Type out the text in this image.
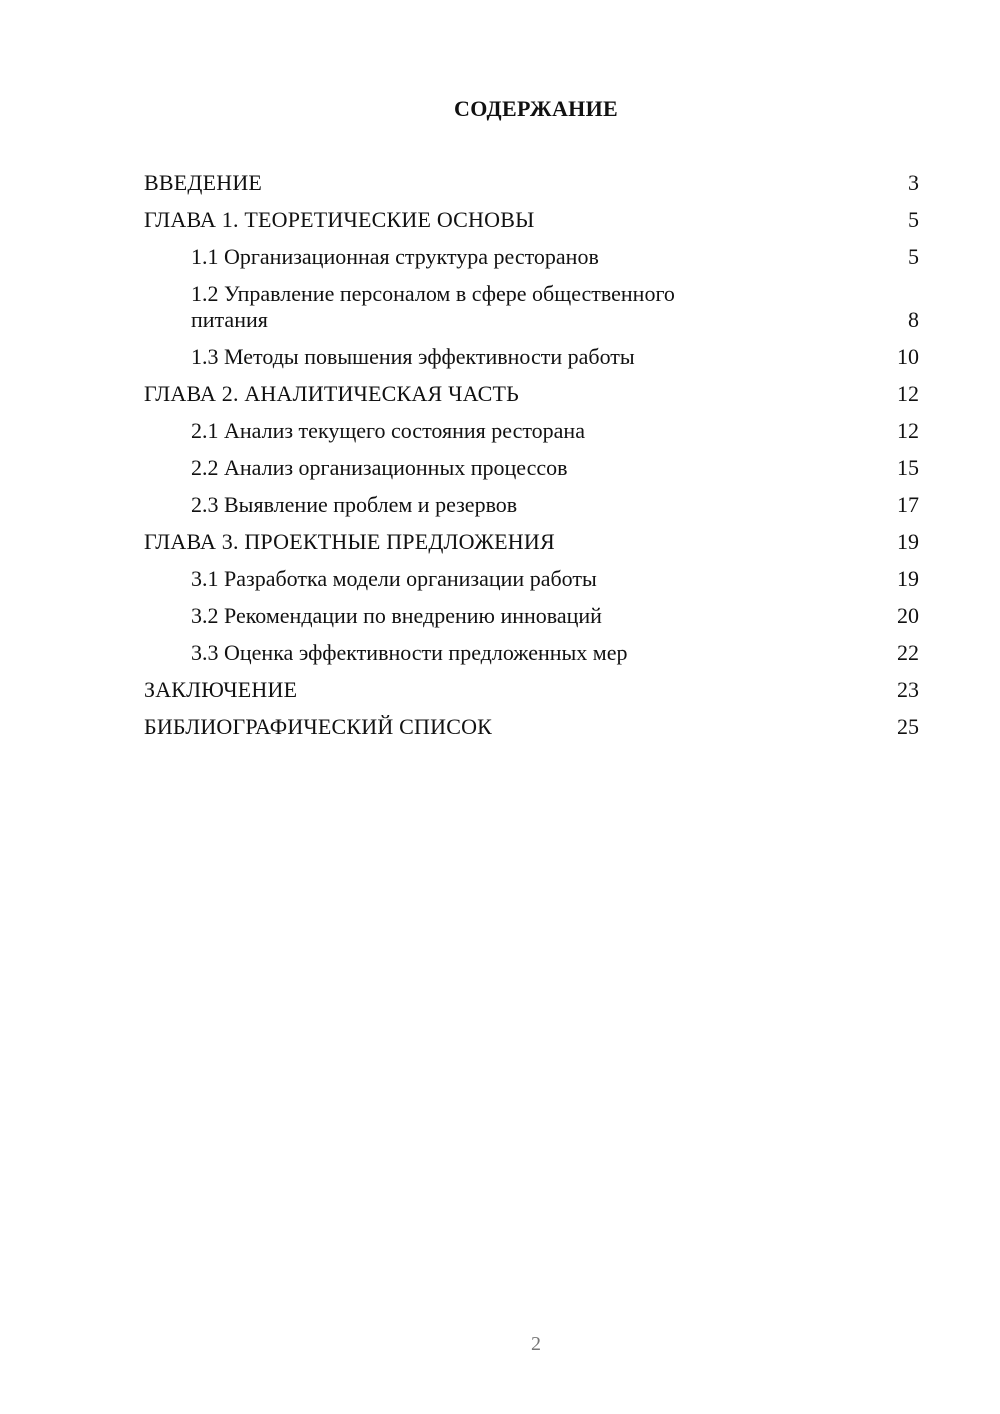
СОДЕРЖАНИЕ
ВВЕДЕНИЕ	3
ГЛАВА 1. ТЕОРЕТИЧЕСКИЕ ОСНОВЫ	5
1.1 Организационная структура ресторанов	5
1.2 Управление персоналом в сфере общественного питания	8
1.3 Методы повышения эффективности работы	10
ГЛАВА 2. АНАЛИТИЧЕСКАЯ ЧАСТЬ	12
2.1 Анализ текущего состояния ресторана	12
2.2 Анализ организационных процессов	15
2.3 Выявление проблем и резервов	17
ГЛАВА 3. ПРОЕКТНЫЕ ПРЕДЛОЖЕНИЯ	19
3.1 Разработка модели организации работы	19
3.2 Рекомендации по внедрению инноваций	20
3.3 Оценка эффективности предложенных мер	22
ЗАКЛЮЧЕНИЕ	23
БИБЛИОГРАФИЧЕСКИЙ СПИСОК	25
2
